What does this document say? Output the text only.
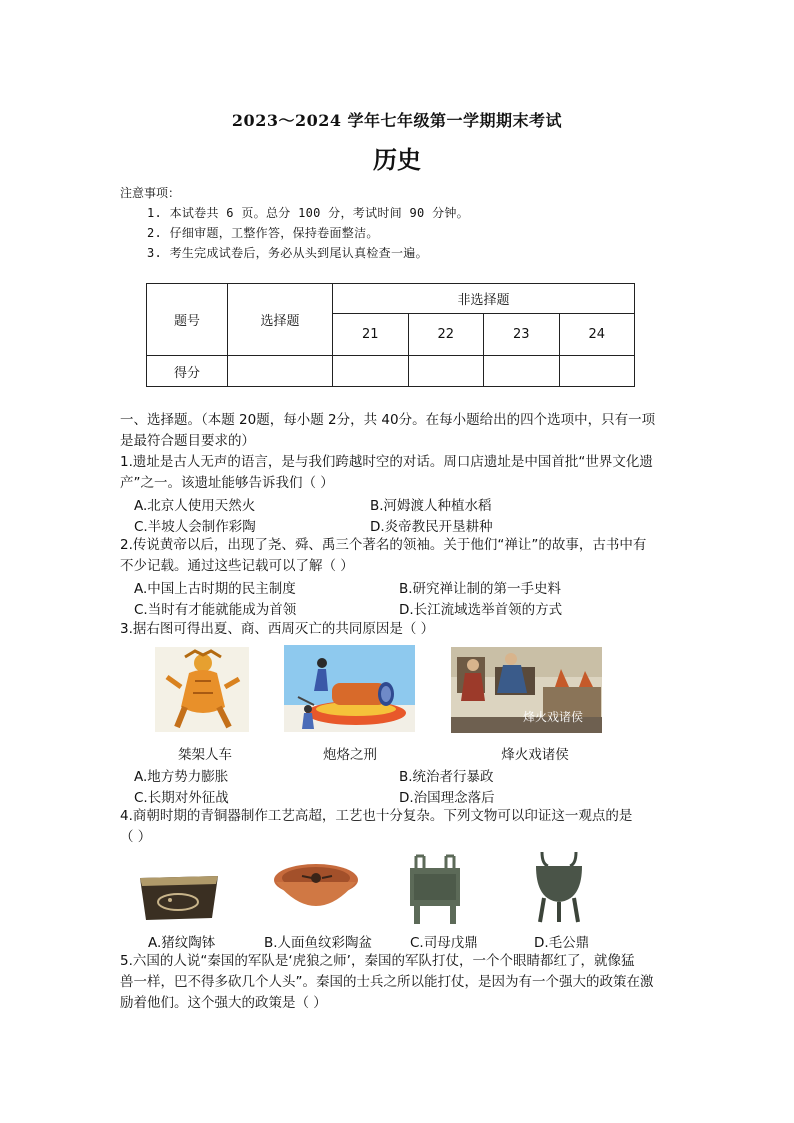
2023～2024 学年七年级第一学期期末考试
历史
注意事项：
1. 本试卷共 6 页。总分 100 分，考试时间 90 分钟。
2. 仔细审题，工整作答，保持卷面整洁。
3. 考生完成试卷后，务必从头到尾认真检查一遍。
题号	选择题	非选择题			
		21	22	23	24
得分					
一、选择题。（本题 20题，每小题 2分，共 40分。在每小题给出的四个选项中，只有一项
是最符合题目要求的）
1.遗址是古人无声的语言，是与我们跨越时空的对话。周口店遗址是中国首批“世界文化遗
产”之一。该遗址能够告诉我们（ ）
A.北京人使用天然火	B.河姆渡人种植水稻
C.半坡人会制作彩陶	D.炎帝教民开垦耕种
2.传说黄帝以后，出现了尧、舜、禹三个著名的领袖。关于他们“禅让”的故事，古书中有
不少记载。通过这些记载可以了解（ ）
A.中国上古时期的民主制度	B.研究禅让制的第一手史料
C.当时有才能就能成为首领	D.长江流域选举首领的方式
3.据右图可得出夏、商、西周灭亡的共同原因是（ ）
烽火戏诸侯
桀架人车	炮烙之刑	烽火戏诸侯
A.地方势力膨胀	B.统治者行暴政
C.长期对外征战	D.治国理念落后
4.商朝时期的青铜器制作工艺高超，工艺也十分复杂。下列文物可以印证这一观点的是
（ ）
A.猪纹陶钵	B.人面鱼纹彩陶盆	C.司母戊鼎	D.毛公鼎
5.六国的人说“秦国的军队是‘虎狼之师’，秦国的军队打仗，一个个眼睛都红了，就像猛
兽一样，巴不得多砍几个人头”。秦国的士兵之所以能打仗，是因为有一个强大的政策在激
励着他们。这个强大的政策是（ ）
